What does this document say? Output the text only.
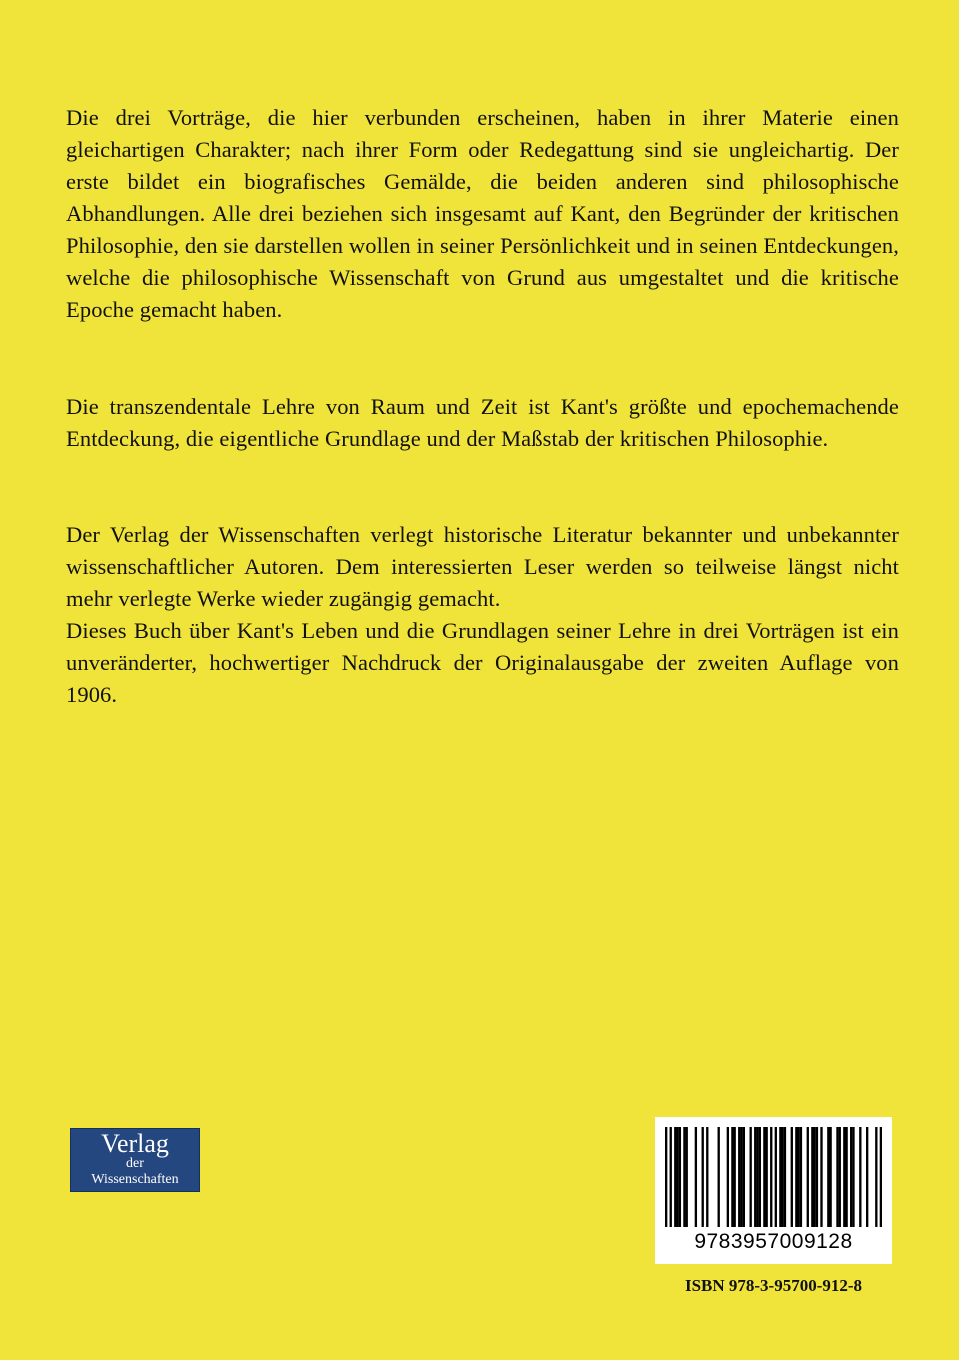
Die drei Vorträge, die hier verbunden erscheinen, haben in ihrer Materie einen gleichartigen Charakter; nach ihrer Form oder Redegattung sind sie ungleichartig. Der erste bildet ein biografisches Gemälde, die beiden anderen sind philosophische Abhandlungen. Alle drei beziehen sich insgesamt auf Kant, den Begründer der kritischen Philosophie, den sie darstellen wollen in seiner Persönlichkeit und in seinen Entdeckungen, welche die philosophische Wissenschaft von Grund aus umgestaltet und die kritische Epoche gemacht haben.

Die transzendentale Lehre von Raum und Zeit ist Kant's größte und epochemachende Entdeckung, die eigentliche Grundlage und der Maßstab der kritischen Philosophie.

Der Verlag der Wissenschaften verlegt historische Literatur bekannter und unbekannter wissenschaftlicher Autoren. Dem interessierten Leser werden so teilweise längst nicht mehr verlegte Werke wieder zugängig gemacht.

Dieses Buch über Kant's Leben und die Grundlagen seiner Lehre in drei Vorträgen ist ein unveränderter, hochwertiger Nachdruck der Originalausgabe der zweiten Auflage von 1906.

Verlag
der
Wissenschaften
9783957009128
ISBN 978-3-95700-912-8
